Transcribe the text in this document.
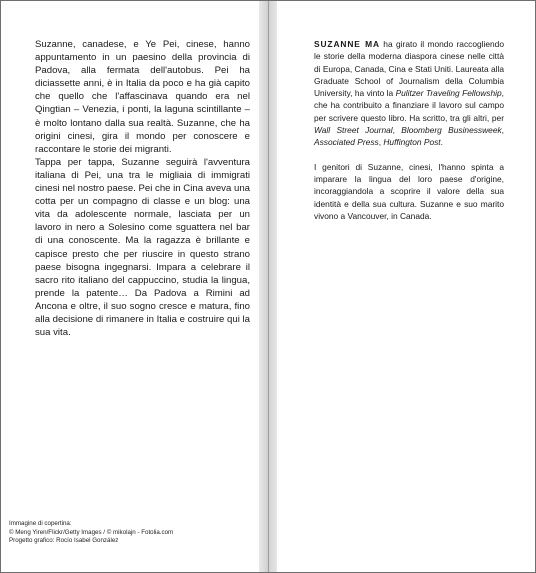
Suzanne, canadese, e Ye Pei, cinese, hanno appuntamento in un paesino della provincia di Padova, alla fermata dell'autobus. Pei ha diciassette anni, è in Italia da poco e ha già capito che quello che l'affascinava quando era nel Qingtian – Venezia, i ponti, la laguna scintillante – è molto lontano dalla sua realtà. Suzanne, che ha origini cinesi, gira il mondo per conoscere e raccontare le storie dei migranti.

Tappa per tappa, Suzanne seguirà l'avventura italiana di Pei, una tra le migliaia di immigrati cinesi nel nostro paese. Pei che in Cina aveva una cotta per un compagno di classe e un blog: una vita da adolescente normale, lasciata per un lavoro in nero a Solesino come sguattera nel bar di una conoscente. Ma la ragazza è brillante e capisce presto che per riuscire in questo strano paese bisogna ingegnarsi. Impara a celebrare il sacro rito italiano del cappuccino, studia la lingua, prende la patente… Da Padova a Rimini ad Ancona e oltre, il suo sogno cresce e matura, fino alla decisione di rimanere in Italia e costruire qui la sua vita.

Immagine di copertina:
© Meng Yiren/Flickr/Getty Images / © mikolajn - Fotolia.com
Progetto grafico: Rocío Isabel González

SUZANNE MA ha girato il mondo raccogliendo le storie della moderna diaspora cinese nelle città di Europa, Canada, Cina e Stati Uniti. Laureata alla Graduate School of Journalism della Columbia University, ha vinto la Pulitzer Traveling Fellowship, che ha contribuito a finanziare il lavoro sul campo per scrivere questo libro. Ha scritto, tra gli altri, per Wall Street Journal, Bloomberg Businessweek, Associated Press, Huffington Post.

I genitori di Suzanne, cinesi, l'hanno spinta a imparare la lingua del loro paese d'origine, incoraggiandola a scoprire il valore della sua identità e della sua cultura. Suzanne e suo marito vivono a Vancouver, in Canada.
